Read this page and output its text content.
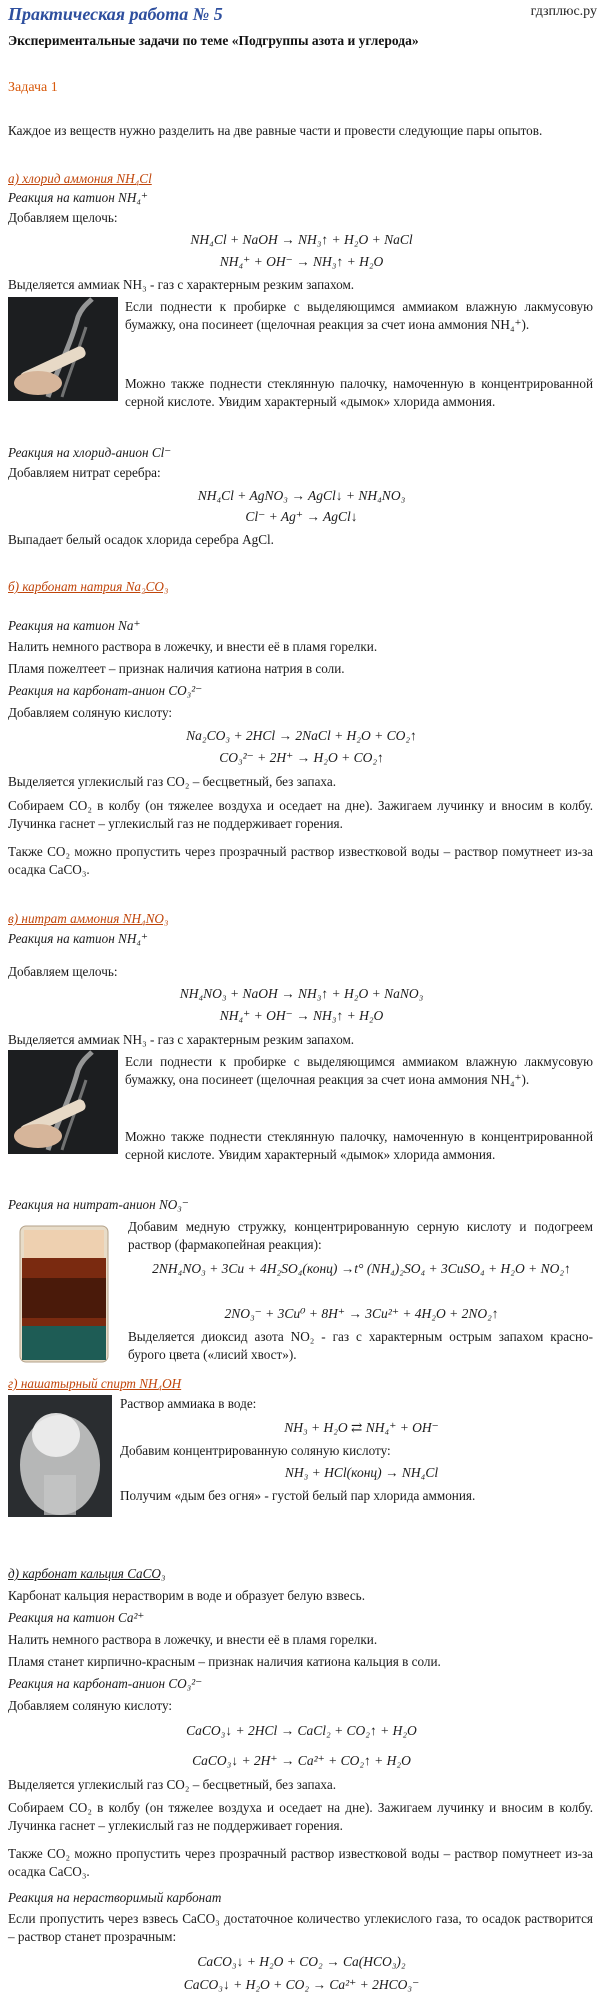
гдзплюс.ру
Практическая работа № 5
Экспериментальные задачи по теме «Подгруппы азота и углерода»
Задача 1
Каждое из веществ нужно разделить на две равные части и провести следующие пары опытов.
а) хлорид аммония NH₄Cl
Реакция на катион NH₄⁺
Добавляем щелочь:
NH₄Cl + NaOH → NH₃↑ + H₂O + NaCl
NH₄⁺ + OH⁻ → NH₃↑ + H₂O
Выделяется аммиак NH₃ - газ с характерным резким запахом.
Если поднести к пробирке с выделяющимся аммиаком влажную лакмусовую бумажку, она посинеет (щелочная реакция за счет иона аммония NH₄⁺).
Можно также поднести стеклянную палочку, намоченную в концентрированной серной кислоте. Увидим характерный «дымок» хлорида аммония.
Реакция на хлорид-анион Cl⁻
Добавляем нитрат серебра:
NH₄Cl + AgNO₃ → AgCl↓ + NH₄NO₃
Cl⁻ + Ag⁺ → AgCl↓
Выпадает белый осадок хлорида серебра AgCl.
б) карбонат натрия Na₂CO₃
Реакция на катион Na⁺
Налить немного раствора в ложечку, и внести её в пламя горелки.
Пламя пожелтеет – признак наличия катиона натрия в соли.
Реакция на карбонат-анион CO₃²⁻
Добавляем соляную кислоту:
Na₂CO₃ + 2HCl → 2NaCl + H₂O + CO₂↑
CO₃²⁻ + 2H⁺ → H₂O + CO₂↑
Выделяется углекислый газ CO₂ – бесцветный, без запаха.
Собираем CO₂ в колбу (он тяжелее воздуха и оседает на дне). Зажигаем лучинку и вносим в колбу. Лучинка гаснет – углекислый газ не поддерживает горения.
Также CO₂ можно пропустить через прозрачный раствор известковой воды – раствор помутнеет из-за осадка CaCO₃.
в) нитрат аммония NH₄NO₃
Реакция на катион NH₄⁺
Добавляем щелочь:
NH₄NO₃ + NaOH → NH₃↑ + H₂O + NaNO₃
NH₄⁺ + OH⁻ → NH₃↑ + H₂O
Выделяется аммиак NH₃ - газ с характерным резким запахом.
Если поднести к пробирке с выделяющимся аммиаком влажную лакмусовую бумажку, она посинеет (щелочная реакция за счет иона аммония NH₄⁺).
Можно также поднести стеклянную палочку, намоченную в концентрированной серной кислоте. Увидим характерный «дымок» хлорида аммония.
Реакция на нитрат-анион NO₃⁻
Добавим медную стружку, концентрированную серную кислоту и подогреем раствор (фармакопейная реакция):
2NH₄NO₃ + 3Cu + 4H₂SO₄(конц) →t° (NH₄)₂SO₄ + 3CuSO₄ + H₂O + NO₂↑
2NO₃⁻ + 3Cu⁰ + 8H⁺ → 3Cu²⁺ + 4H₂O + 2NO₂↑
Выделяется диоксид азота NO₂ - газ с характерным острым запахом красно-бурого цвета («лисий хвост»).
г) нашатырный спирт NH₄OH
Раствор аммиака в воде:
NH₃ + H₂O ⇄ NH₄⁺ + OH⁻
Добавим концентрированную соляную кислоту:
NH₃ + HCl(конц) → NH₄Cl
Получим «дым без огня» - густой белый пар хлорида аммония.
д) карбонат кальция CaCO₃
Карбонат кальция нерастворим в воде и образует белую взвесь.
Реакция на катион Ca²⁺
Налить немного раствора в ложечку, и внести её в пламя горелки.
Пламя станет кирпично-красным – признак наличия катиона кальция в соли.
Реакция на карбонат-анион CO₃²⁻
Добавляем соляную кислоту:
CaCO₃↓ + 2HCl → CaCl₂ + CO₂↑ + H₂O
CaCO₃↓ + 2H⁺ → Ca²⁺ + CO₂↑ + H₂O
Выделяется углекислый газ CO₂ – бесцветный, без запаха.
Собираем CO₂ в колбу (он тяжелее воздуха и оседает на дне). Зажигаем лучинку и вносим в колбу. Лучинка гаснет – углекислый газ не поддерживает горения.
Также CO₂ можно пропустить через прозрачный раствор известковой воды – раствор помутнеет из-за осадка CaCO₃.
Реакция на нерастворимый карбонат
Если пропустить через взвесь CaCO₃ достаточное количество углекислого газа, то осадок растворится – раствор станет прозрачным:
CaCO₃↓ + H₂O + CO₂ → Ca(HCO₃)₂
CaCO₃↓ + H₂O + CO₂ → Ca²⁺ + 2HCO₃⁻
